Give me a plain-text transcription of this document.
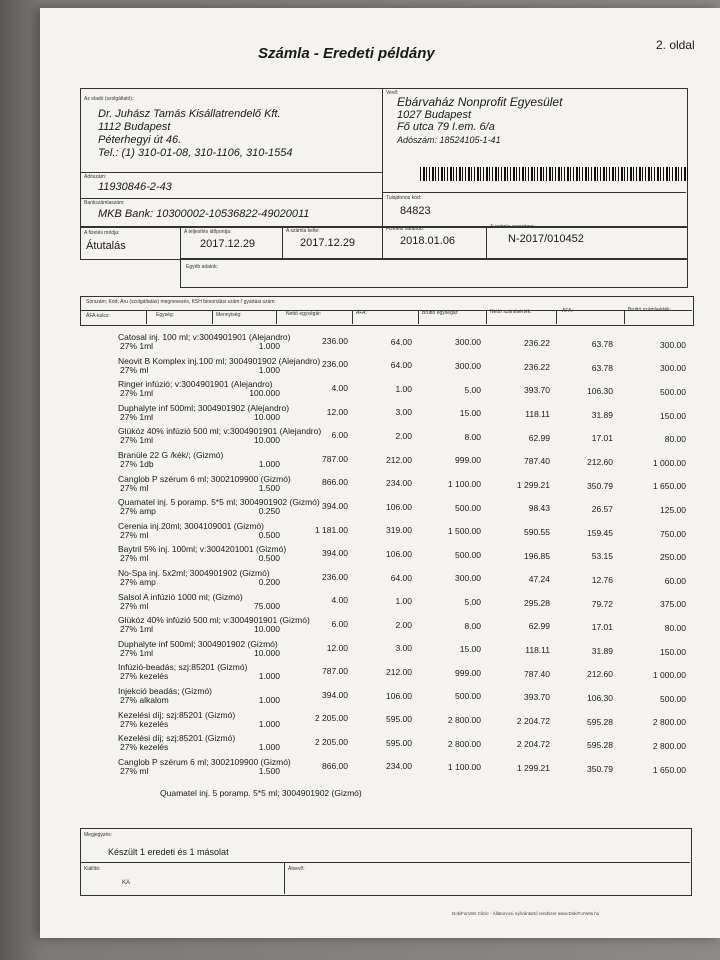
Számla - Eredeti példány	2. oldal
Az eladó (szolgáltató):
Dr. Juhász Tamás Kisállatrendelő Kft.
1112 Budapest
Péterhegyi út 46.
Tel.: (1) 310-01-08, 310-1106, 310-1554
Adószám:
11930846-2-43
Bankszámlaszám:
MKB Bank: 10300002-10536822-49020011
Vevő:
Ebárvaház Nonprofit Egyesület
1027 Budapest
Fő utca 79 I.em. 6/a
Adószám: 18524105-1-41
Tulajdonos kód:
84823
A fizetés módja:
Átutalás
A teljesítés időpontja:
2017.12.29
A számla kelte:
2017.12.29
Fizetési határidő:
2018.01.06
A számla sorszáma:
N-2017/010452
Egyéb adatok:
Sorszám; Kód; Áru (szolgáltatás) megnevezés, KSH besorolási szám / gyártási szám:
ÁFA-kulcs:	Egység:	Mennyiség:	Nettó egységár:	ÁFA:	Bruttó egységár:	Nettó számlaérték:	ÁFA:	Bruttó számlaérték:
Catosal inj. 100 ml; v:3004901901 (Alejandro)
27% 1ml	1.000
236.00	64.00	300.00	236.22	63.78	300.00
Neovit B Komplex inj.100 ml; 3004901902 (Alejandro)
27% ml	1.000
236.00	64.00	300.00	236.22	63.78	300.00
Ringer infúzió; v:3004901901 (Alejandro)
27% 1ml	100.000
4.00	1.00	5.00	393.70	106.30	500.00
Duphalyte inf 500ml; 3004901902 (Alejandro)
27% 1ml	10.000
12.00	3.00	15.00	118.11	31.89	150.00
Glükóz 40% infúzió 500 ml; v:3004901901 (Alejandro)
27% 1ml	10.000
6.00	2.00	8.00	62.99	17.01	80.00
Branüle 22 G /kék/; (Gizmó)
27% 1db	1.000
787.00	212.00	999.00	787.40	212.60	1 000.00
Canglob P szérum 6 ml; 3002109900 (Gizmó)
27% ml	1.500
866.00	234.00	1 100.00	1 299.21	350.79	1 650.00
Quamatel inj. 5 poramp. 5*5 ml; 3004901902 (Gizmó)
27% amp	0.250
394.00	106.00	500.00	98.43	26.57	125.00
Cerenia inj.20ml; 3004109001 (Gizmó)
27% ml	0.500
1 181.00	319.00	1 500.00	590.55	159.45	750.00
Baytril 5% inj. 100ml; v:3004201001 (Gizmó)
27% ml	0.500
394.00	106.00	500.00	196.85	53.15	250.00
No-Spa inj. 5x2ml; 3004901902 (Gizmó)
27% amp	0.200
236.00	64.00	300.00	47.24	12.76	60.00
Salsol A infúzió 1000 ml; (Gizmó)
27% ml	75.000
4.00	1.00	5.00	295.28	79.72	375.00
Glükóz 40% infúzió 500 ml; v:3004901901 (Gizmó)
27% 1ml	10.000
6.00	2.00	8.00	62.99	17.01	80.00
Duphalyte inf 500ml; 3004901902 (Gizmó)
27% 1ml	10.000
12.00	3.00	15.00	118.11	31.89	150.00
Infúzió-beadás; szj:85201 (Gizmó)
27% kezelés	1.000
787.00	212.00	999.00	787.40	212.60	1 000.00
Injekció beadás; (Gizmó)
27% alkalom	1.000
394.00	106.00	500.00	393.70	106.30	500.00
Kezelési díj; szj:85201 (Gizmó)
27% kezelés	1.000
2 205.00	595.00	2 800.00	2 204.72	595.28	2 800.00
Kezelési díj; szj:85201 (Gizmó)
27% kezelés	1.000
2 205.00	595.00	2 800.00	2 204.72	595.28	2 800.00
Canglob P szérum 6 ml; 3002109900 (Gizmó)
27% ml	1.500
866.00	234.00	1 100.00	1 299.21	350.79	1 650.00
Quamatel inj. 5 poramp. 5*5 ml; 3004901902 (Gizmó)
Megjegyzés:
Készült 1 eredeti és 1 másolat
Kiállító:
KA
Átvevő:
DokiForVets Clinic - Állatorvosi nyilvántartó rendszer www.DokiForVets.hu
